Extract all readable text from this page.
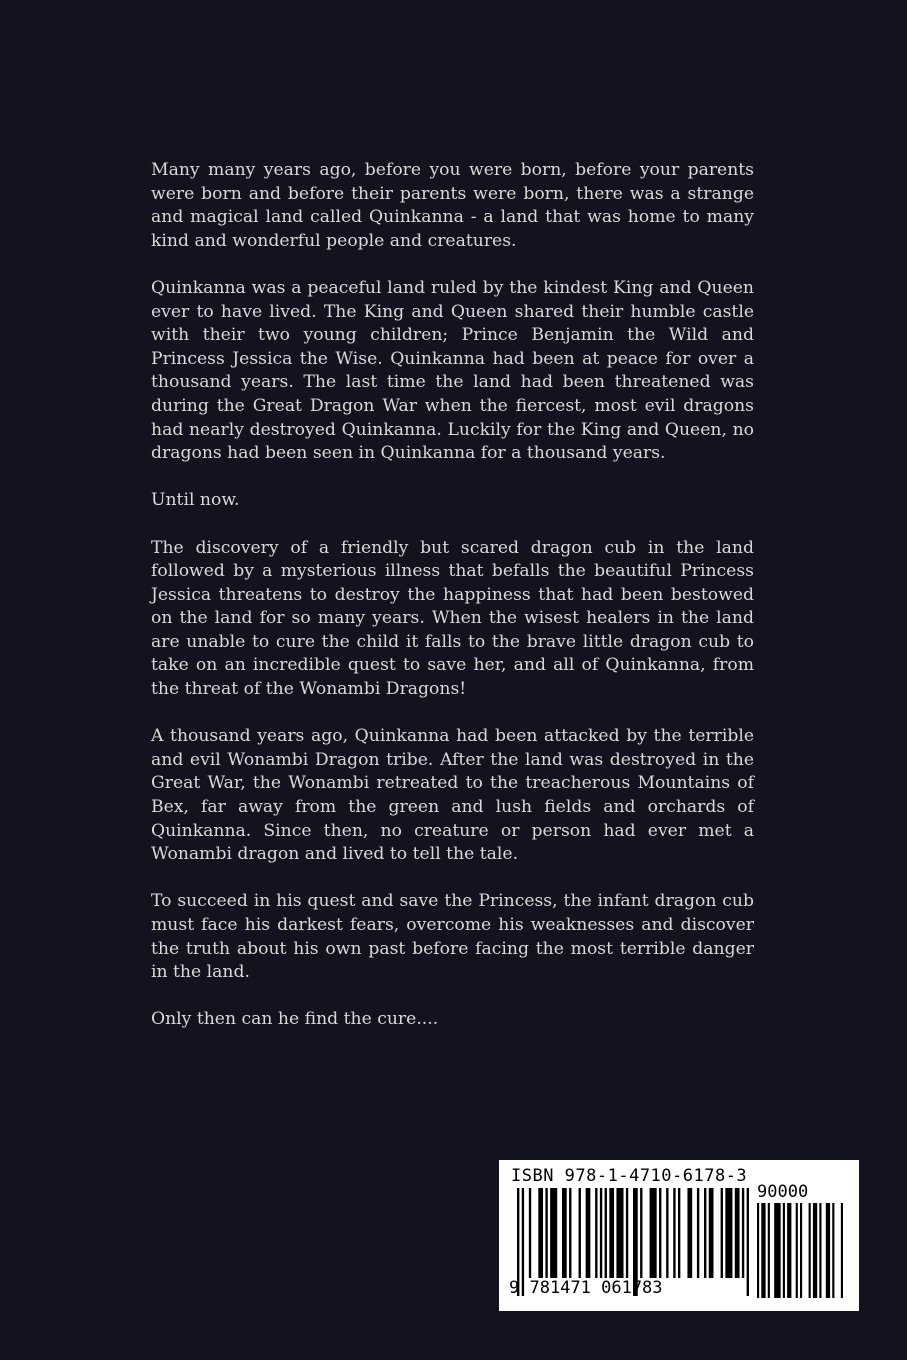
Many many years ago, before you were born, before your parents were born and before their parents were born, there was a strange and magical land called Quinkanna - a land that was home to many kind and wonderful people and creatures.

Quinkanna was a peaceful land ruled by the kindest King and Queen ever to have lived. The King and Queen shared their humble castle with their two young children; Prince Benjamin the Wild and Princess Jessica the Wise. Quinkanna had been at peace for over a thousand years. The last time the land had been threatened was during the Great Dragon War when the fiercest, most evil dragons had nearly destroyed Quinkanna. Luckily for the King and Queen, no dragons had been seen in Quinkanna for a thousand years.

Until now.

The discovery of a friendly but scared dragon cub in the land followed by a mysterious illness that befalls the beautiful Princess Jessica threatens to destroy the happiness that had been bestowed on the land for so many years. When the wisest healers in the land are unable to cure the child it falls to the brave little dragon cub to take on an incredible quest to save her, and all of Quinkanna, from the threat of the Wonambi Dragons!

A thousand years ago, Quinkanna had been attacked by the terrible and evil Wonambi Dragon tribe. After the land was destroyed in the Great War, the Wonambi retreated to the treacherous Mountains of Bex, far away from the green and lush fields and orchards of Quinkanna. Since then, no creature or person had ever met a Wonambi dragon and lived to tell the tale.

To succeed in his quest and save the Princess, the infant dragon cub must face his darkest fears, overcome his weaknesses and discover the truth about his own past before facing the most terrible danger in the land.

Only then can he find the cure....

ISBN 978-1-4710-6178-3
90000
9 781471 061783
